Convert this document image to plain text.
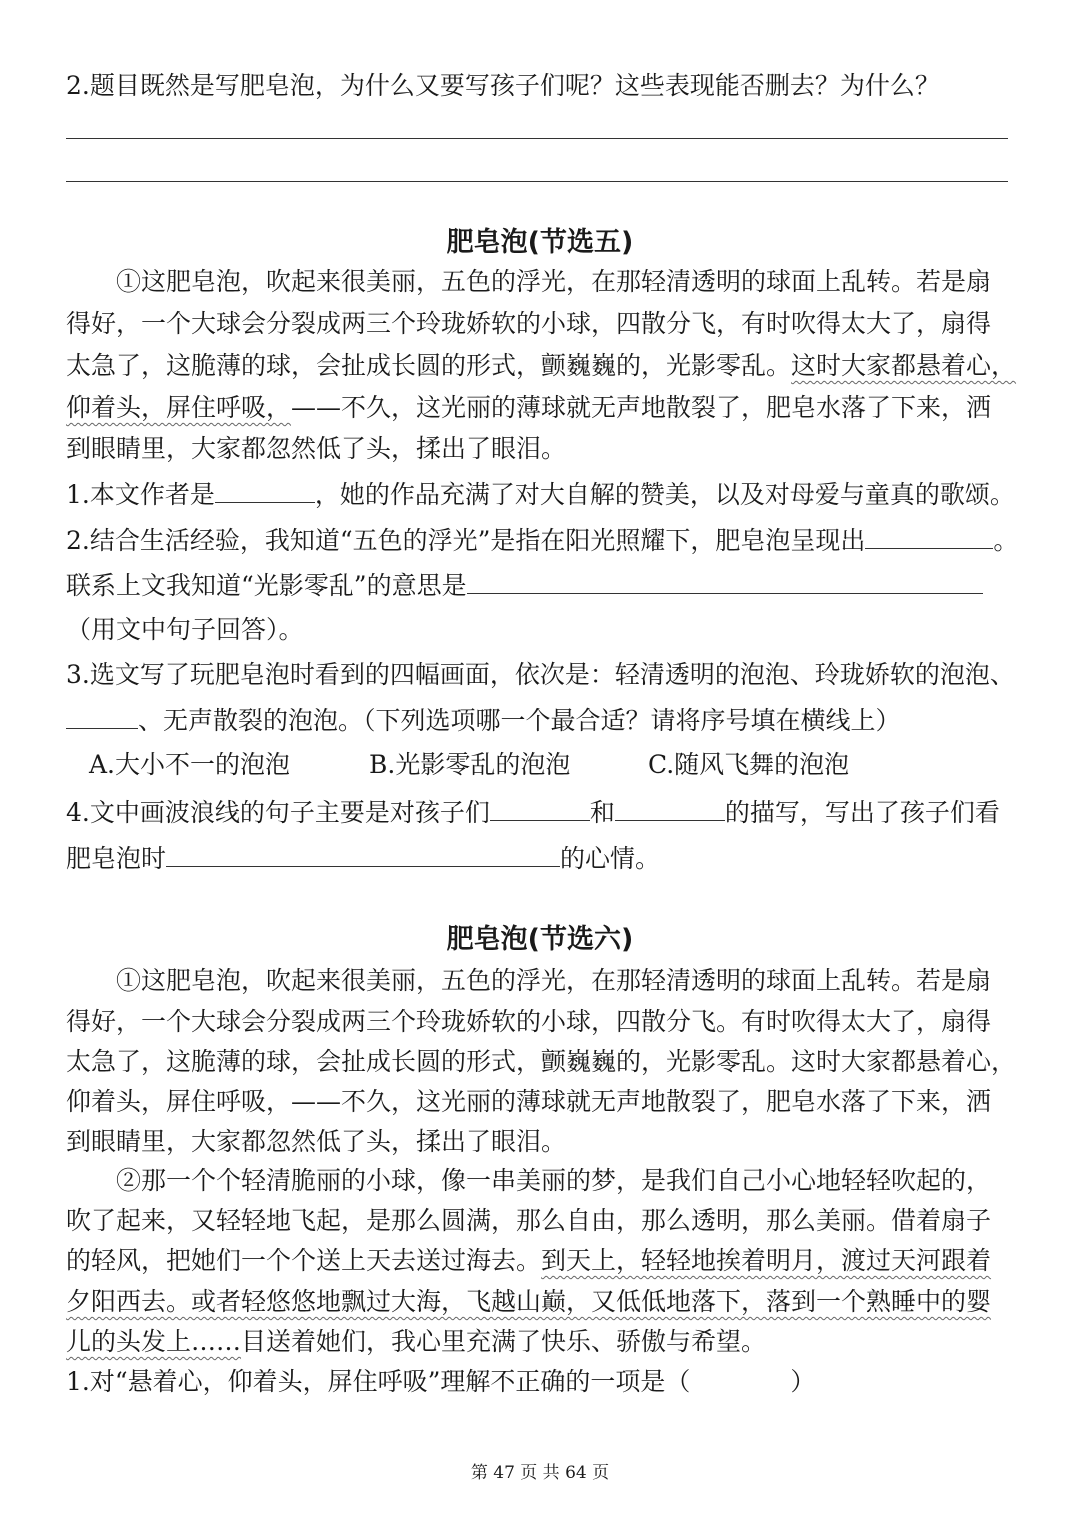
2.题目既然是写肥皂泡，为什么又要写孩子们呢？这些表现能否删去？为什么？
肥皂泡(节选五)
①这肥皂泡，吹起来很美丽，五色的浮光，在那轻清透明的球面上乱转。若是扇
得好，一个大球会分裂成两三个玲珑娇软的小球，四散分飞，有时吹得太大了，扇得
太急了，这脆薄的球，会扯成长圆的形式，颤巍巍的，光影零乱。这时大家都悬着心，
仰着头，屏住呼吸，——不久，这光丽的薄球就无声地散裂了，肥皂水落了下来，洒
到眼睛里，大家都忽然低了头，揉出了眼泪。
1.本文作者是	，她的作品充满了对大自解的赞美，以及对母爱与童真的歌颂。
2.结合生活经验，我知道“五色的浮光”是指在阳光照耀下，肥皂泡呈现出	。
联系上文我知道“光影零乱”的意思是
（用文中句子回答）。
3.选文写了玩肥皂泡时看到的四幅画面，依次是：轻清透明的泡泡、玲珑娇软的泡泡、
、无声散裂的泡泡。（下列选项哪一个最合适？请将序号填在横线上）
A.大小不一的泡泡	B.光影零乱的泡泡	C.随风飞舞的泡泡
4.文中画波浪线的句子主要是对孩子们	和	的描写，写出了孩子们看
肥皂泡时	的心情。
肥皂泡(节选六)
①这肥皂泡，吹起来很美丽，五色的浮光，在那轻清透明的球面上乱转。若是扇
得好，一个大球会分裂成两三个玲珑娇软的小球，四散分飞。有时吹得太大了，扇得
太急了，这脆薄的球，会扯成长圆的形式，颤巍巍的，光影零乱。这时大家都悬着心，
仰着头，屏住呼吸，——不久，这光丽的薄球就无声地散裂了，肥皂水落了下来，洒
到眼睛里，大家都忽然低了头，揉出了眼泪。
②那一个个轻清脆丽的小球，像一串美丽的梦，是我们自己小心地轻轻吹起的，
吹了起来，又轻轻地飞起，是那么圆满，那么自由，那么透明，那么美丽。借着扇子
的轻风，把她们一个个送上天去送过海去。到天上，轻轻地挨着明月，渡过天河跟着
夕阳西去。或者轻悠悠地飘过大海，飞越山巅，又低低地落下，落到一个熟睡中的婴
儿的头发上……目送着她们，我心里充满了快乐、骄傲与希望。
1.对“悬着心，仰着头，屏住呼吸”理解不正确的一项是（　　　　）
第 47 页 共 64 页
